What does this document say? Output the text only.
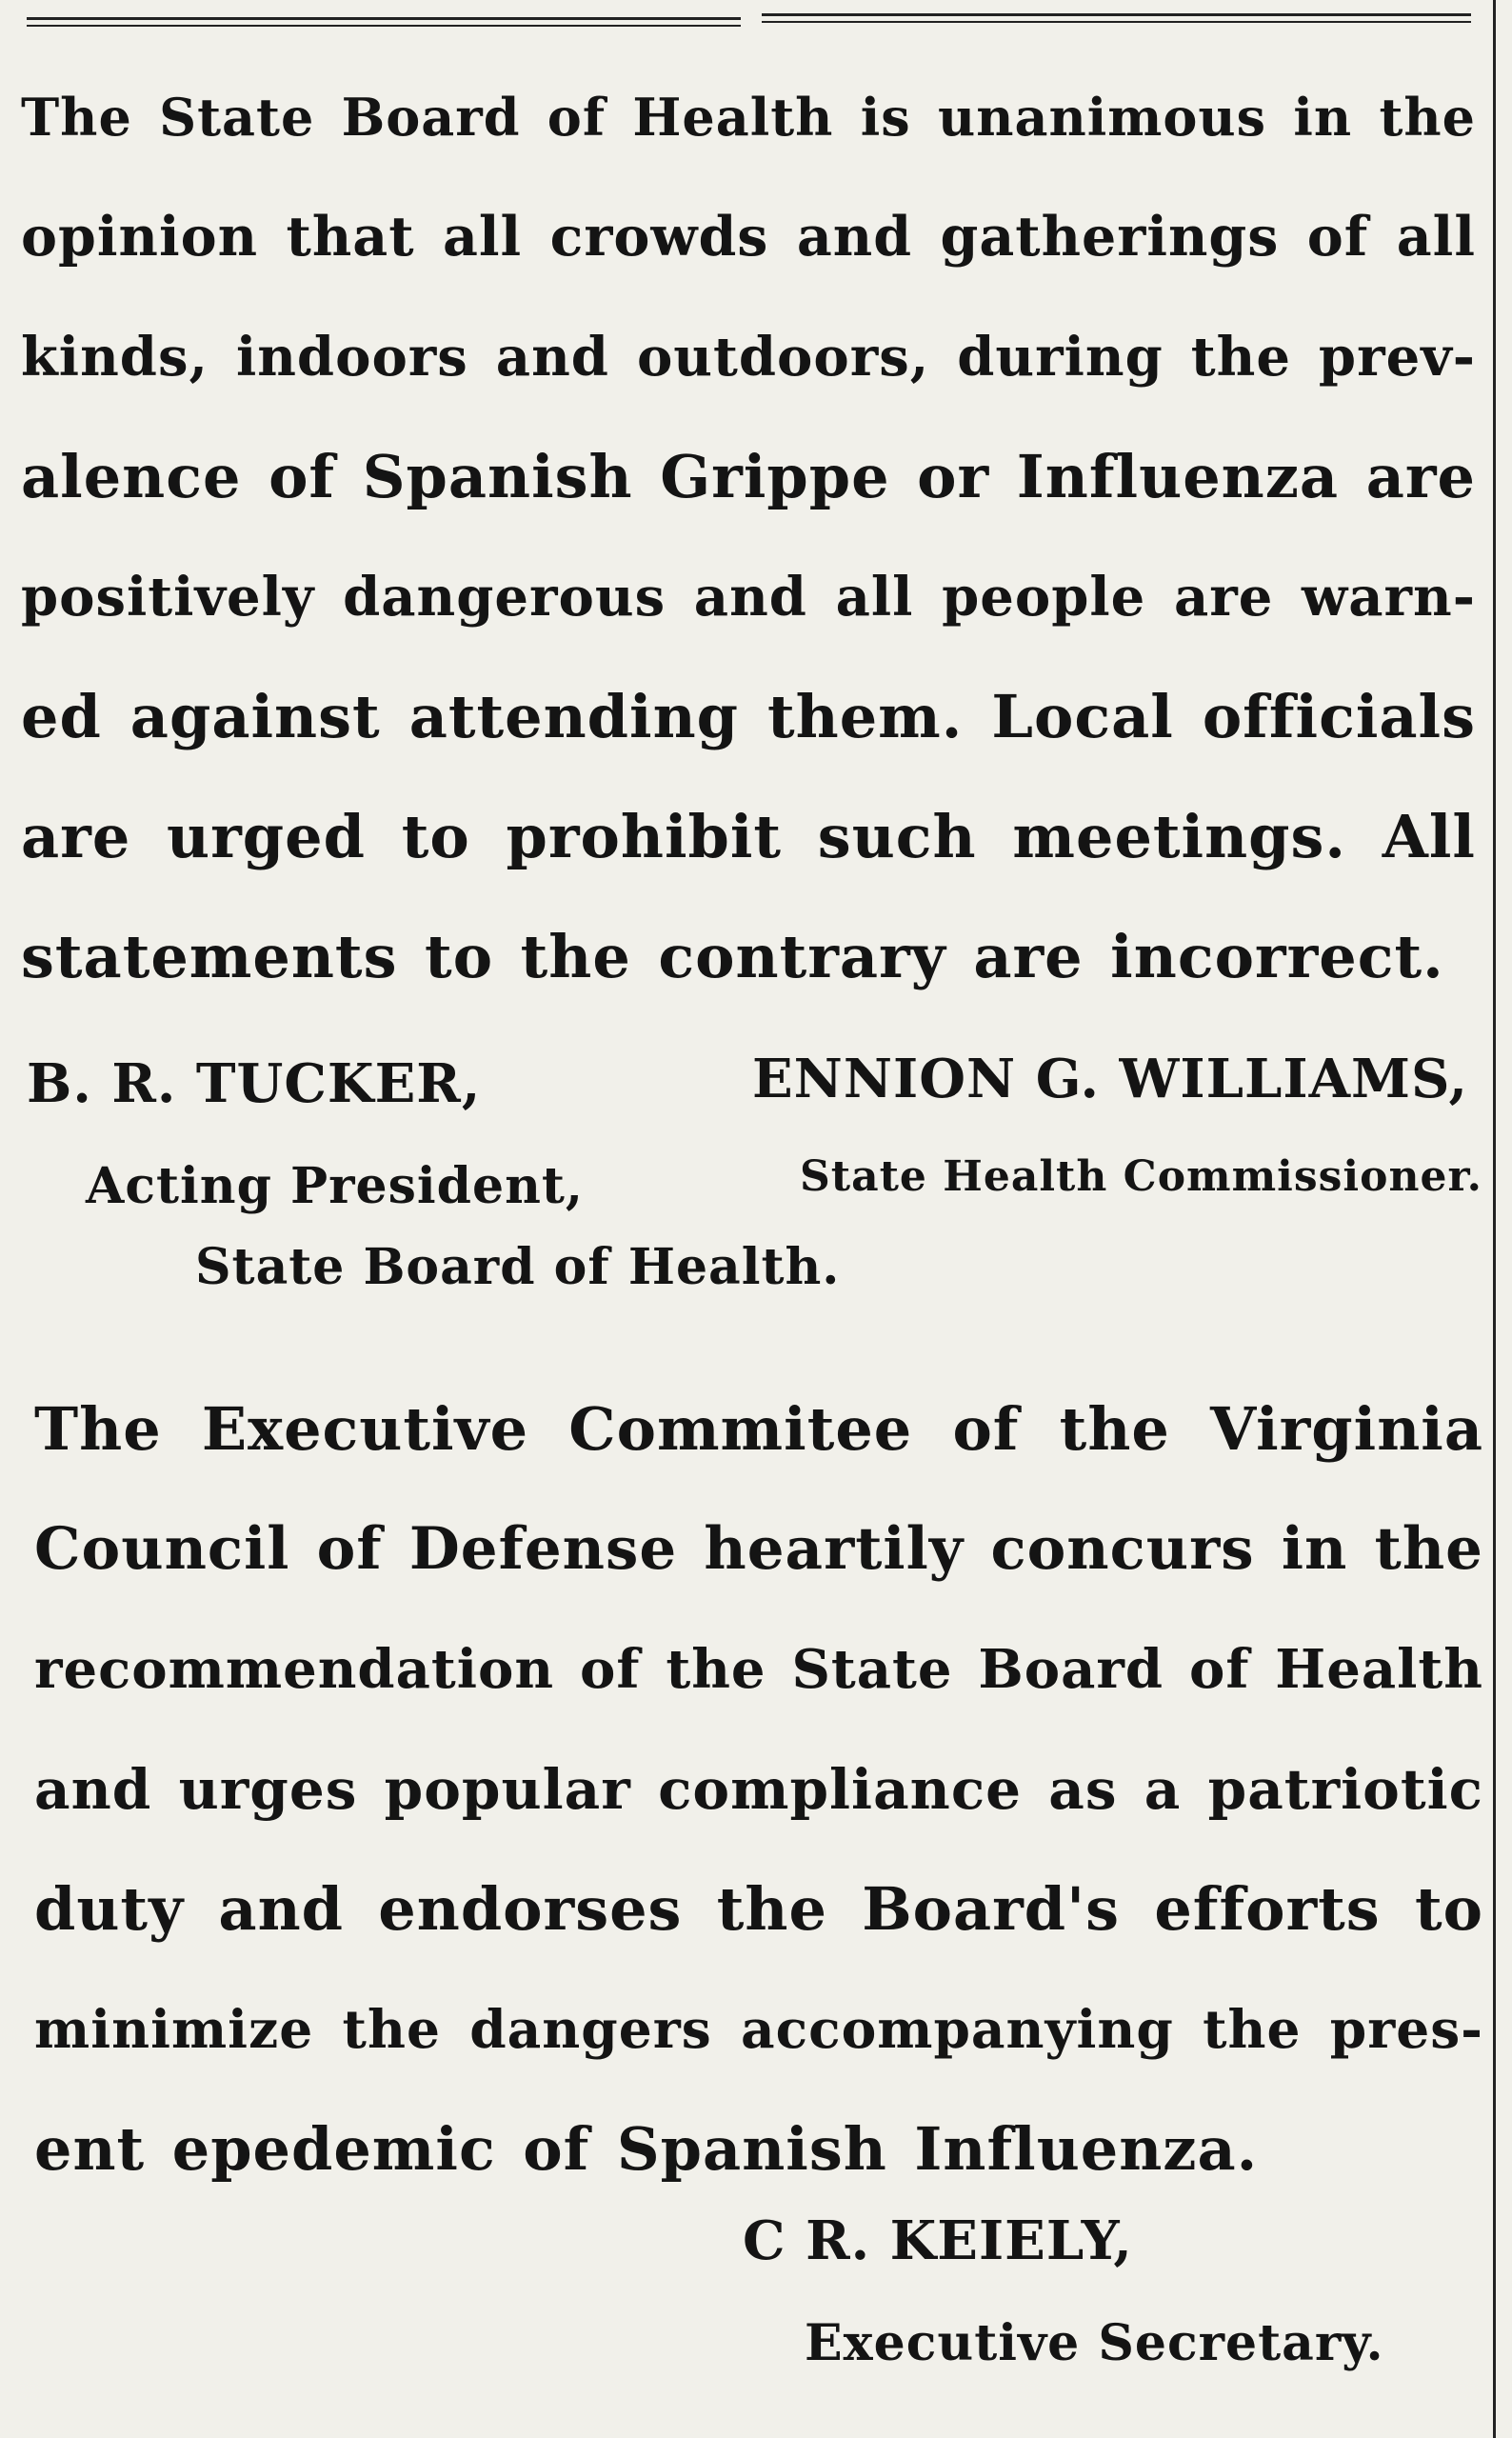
The State Board of Health is unanimous in the
opinion that all crowds and gatherings of all
kinds, indoors and outdoors, during the prev-
alence of Spanish Grippe or Influenza are
positively dangerous and all people are warn-
ed against attending them. Local officials
are urged to prohibit such meetings. All
statements to the contrary are incorrect.
B. R. TUCKER,
Acting President,
State Board of Health.
ENNION G. WILLIAMS,
State Health Commissioner.
The Executive Commitee of the Virginia
Council of Defense heartily concurs in the
recommendation of the State Board of Health
and urges popular compliance as a patriotic
duty and endorses the Board's efforts to
minimize the dangers accompanying the pres-
ent epedemic of Spanish Influenza.
C R. KEIELY,
Executive Secretary.
